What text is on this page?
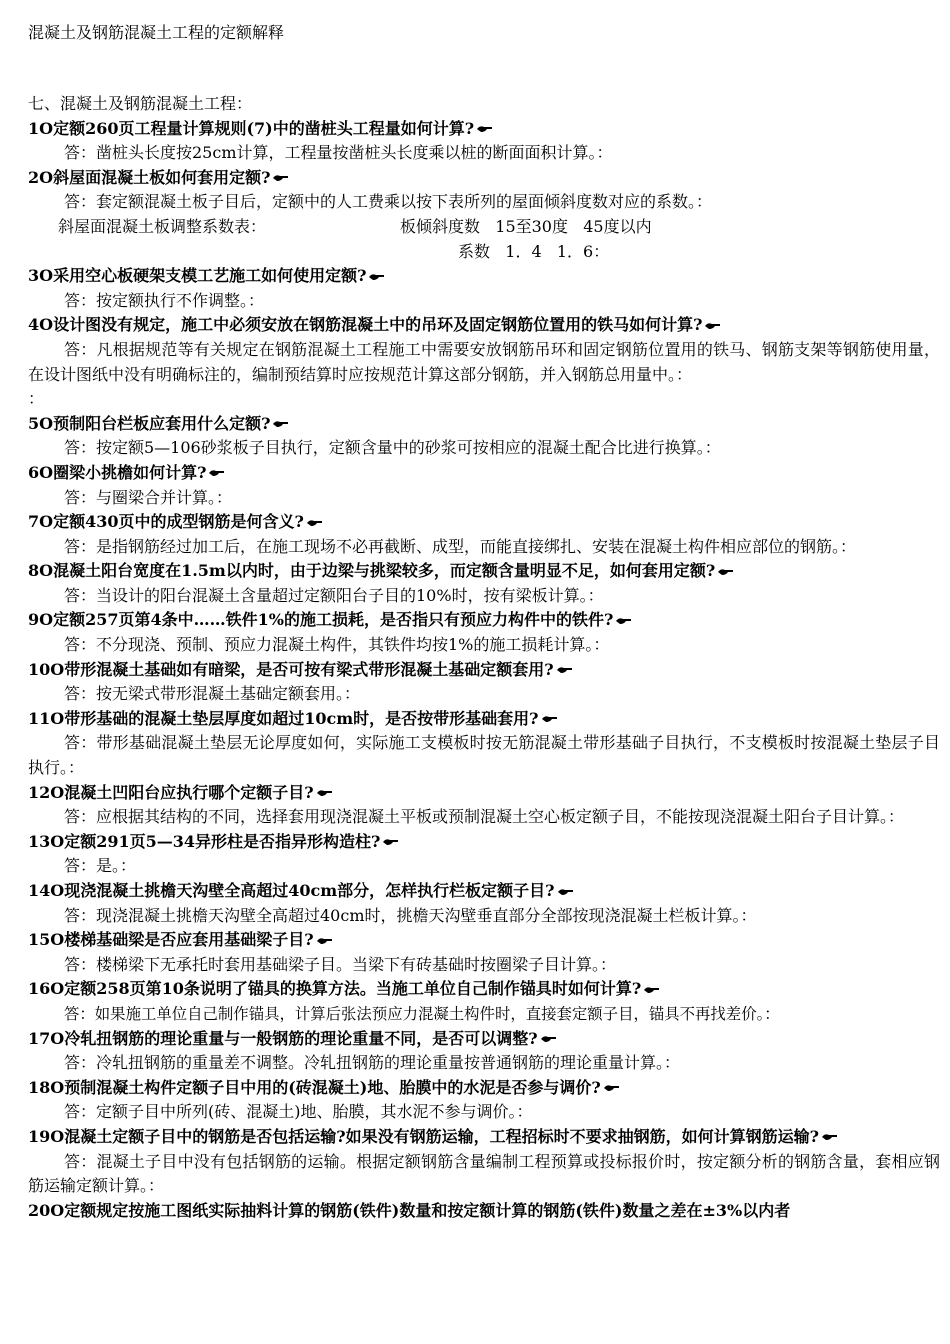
混凝土及钢筋混凝土工程的定额解释
七、混凝土及钢筋混凝土工程：
1O定额260页工程量计算规则(7)中的凿桩头工程量如何计算?
答：凿桩头长度按25cm计算，工程量按凿桩头长度乘以桩的断面面积计算。：
2O斜屋面混凝土板如何套用定额?
答：套定额混凝土板子目后，定额中的人工费乘以按下表所列的屋面倾斜度数对应的系数。：
斜屋面混凝土板调整系数表：	板倾斜度数   15至30度   45度以内
系数   1．4   1．6：
3O采用空心板硬架支模工艺施工如何使用定额?
答：按定额执行不作调整。：
4O设计图没有规定，施工中必须安放在钢筋混凝土中的吊环及固定钢筋位置用的铁马如何计算?
答：凡根据规范等有关规定在钢筋混凝土工程施工中需要安放钢筋吊环和固定钢筋位置用的铁马、钢筋支架等钢筋使用量，在设计图纸中没有明确标注的，编制预结算时应按规范计算这部分钢筋，并入钢筋总用量中。：
：
5O预制阳台栏板应套用什么定额?
答：按定额5—106砂浆板子目执行，定额含量中的砂浆可按相应的混凝土配合比进行换算。：
6O圈梁小挑檐如何计算?
答：与圈梁合并计算。：
7O定额430页中的成型钢筋是何含义?
答：是指钢筋经过加工后，在施工现场不必再截断、成型，而能直接绑扎、安装在混凝土构件相应部位的钢筋。：
8O混凝土阳台宽度在1.5m以内时，由于边梁与挑梁较多，而定额含量明显不足，如何套用定额?
答：当设计的阳台混凝土含量超过定额阳台子目的10%时，按有梁板计算。：
9O定额257页第4条中……铁件1%的施工损耗，是否指只有预应力构件中的铁件?
答：不分现浇、预制、预应力混凝土构件，其铁件均按1%的施工损耗计算。：
10O带形混凝土基础如有暗梁，是否可按有梁式带形混凝土基础定额套用?
答：按无梁式带形混凝土基础定额套用。：
11O带形基础的混凝土垫层厚度如超过10cm时，是否按带形基础套用?
答：带形基础混凝土垫层无论厚度如何，实际施工支模板时按无筋混凝土带形基础子目执行，不支模板时按混凝土垫层子目执行。：
12O混凝土凹阳台应执行哪个定额子目?
答：应根据其结构的不同，选择套用现浇混凝土平板或预制混凝土空心板定额子目，不能按现浇混凝土阳台子目计算。：
13O定额291页5—34异形柱是否指异形构造柱?
答：是。：
14O现浇混凝土挑檐天沟壁全高超过40cm部分，怎样执行栏板定额子目?
答：现浇混凝土挑檐天沟壁全高超过40cm时，挑檐天沟壁垂直部分全部按现浇混凝土栏板计算。：
15O楼梯基础梁是否应套用基础梁子目?
答：楼梯梁下无承托时套用基础梁子目。当梁下有砖基础时按圈梁子目计算。：
16O定额258页第10条说明了锚具的换算方法。当施工单位自己制作锚具时如何计算?
答：如果施工单位自己制作锚具，计算后张法预应力混凝土构件时，直接套定额子目，锚具不再找差价。：
17O冷轧扭钢筋的理论重量与一般钢筋的理论重量不同，是否可以调整?
答：冷轧扭钢筋的重量差不调整。冷轧扭钢筋的理论重量按普通钢筋的理论重量计算。：
18O预制混凝土构件定额子目中用的(砖混凝土)地、胎膜中的水泥是否参与调价?
答：定额子目中所列(砖、混凝土)地、胎膜，其水泥不参与调价。：
19O混凝土定额子目中的钢筋是否包括运输?如果没有钢筋运输，工程招标时不要求抽钢筋，如何计算钢筋运输?
答：混凝土子目中没有包括钢筋的运输。根据定额钢筋含量编制工程预算或投标报价时，按定额分析的钢筋含量，套相应钢筋运输定额计算。：
20O定额规定按施工图纸实际抽料计算的钢筋(铁件)数量和按定额计算的钢筋(铁件)数量之差在±3%以内者
